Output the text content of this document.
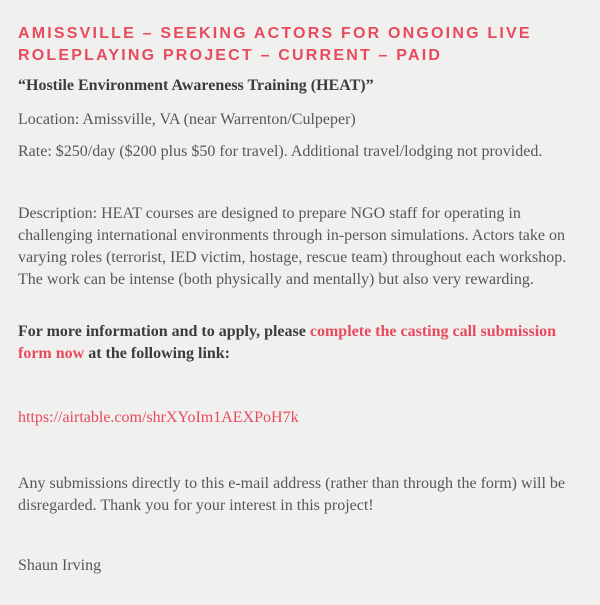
AMISSVILLE – SEEKING ACTORS FOR ONGOING LIVE ROLEPLAYING PROJECT – CURRENT – PAID

“Hostile Environment Awareness Training (HEAT)”

Location: Amissville, VA (near Warrenton/Culpeper)

Rate: $250/day ($200 plus $50 for travel). Additional travel/lodging not provided.

Description: HEAT courses are designed to prepare NGO staff for operating in challenging international environments through in-person simulations. Actors take on varying roles (terrorist, IED victim, hostage, rescue team) throughout each workshop. The work can be intense (both physically and mentally) but also very rewarding.

For more information and to apply, please complete the casting call submission form now at the following link:

https://airtable.com/shrXYoIm1AEXPoH7k

Any submissions directly to this e-mail address (rather than through the form) will be disregarded. Thank you for your interest in this project!

Shaun Irving
